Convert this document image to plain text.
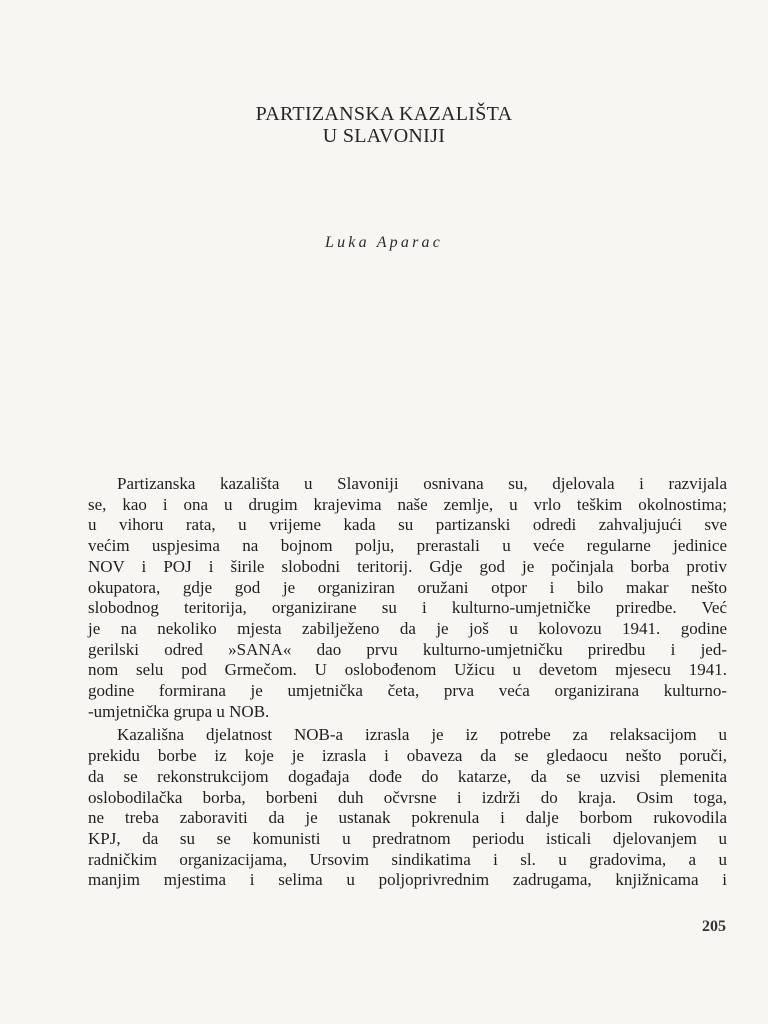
PARTIZANSKA KAZALIŠTA
U SLAVONIJI
Luka Aparac
Partizanska kazališta u Slavoniji osnivana su, djelovala i razvijala
se, kao i ona u drugim krajevima naše zemlje, u vrlo teškim okolnostima;
u vihoru rata, u vrijeme kada su partizanski odredi zahvaljujući sve
većim uspjesima na bojnom polju, prerastali u veće regularne jedinice
NOV i POJ i širile slobodni teritorij. Gdje god je počinjala borba protiv
okupatora, gdje god je organiziran oružani otpor i bilo makar nešto
slobodnog teritorija, organizirane su i kulturno-umjetničke priredbe. Već
je na nekoliko mjesta zabilježeno da je još u kolovozu 1941. godine
gerilski odred »SANA« dao prvu kulturno-umjetničku priredbu i jed-
nom selu pod Grmečom. U oslobođenom Užicu u devetom mjesecu 1941.
godine formirana je umjetnička četa, prva veća organizirana kulturno-
-umjetnička grupa u NOB.
Kazališna djelatnost NOB-a izrasla je iz potrebe za relaksacijom u
prekidu borbe iz koje je izrasla i obaveza da se gledaocu nešto poruči,
da se rekonstrukcijom događaja dođe do katarze, da se uzvisi plemenita
oslobodilačka borba, borbeni duh očvrsne i izdrži do kraja. Osim toga,
ne treba zaboraviti da je ustanak pokrenula i dalje borbom rukovodila
KPJ, da su se komunisti u predratnom periodu isticali djelovanjem u
radničkim organizacijama, Ursovim sindikatima i sl. u gradovima, a u
manjim mjestima i selima u poljoprivrednim zadrugama, knjižnicama i
205
